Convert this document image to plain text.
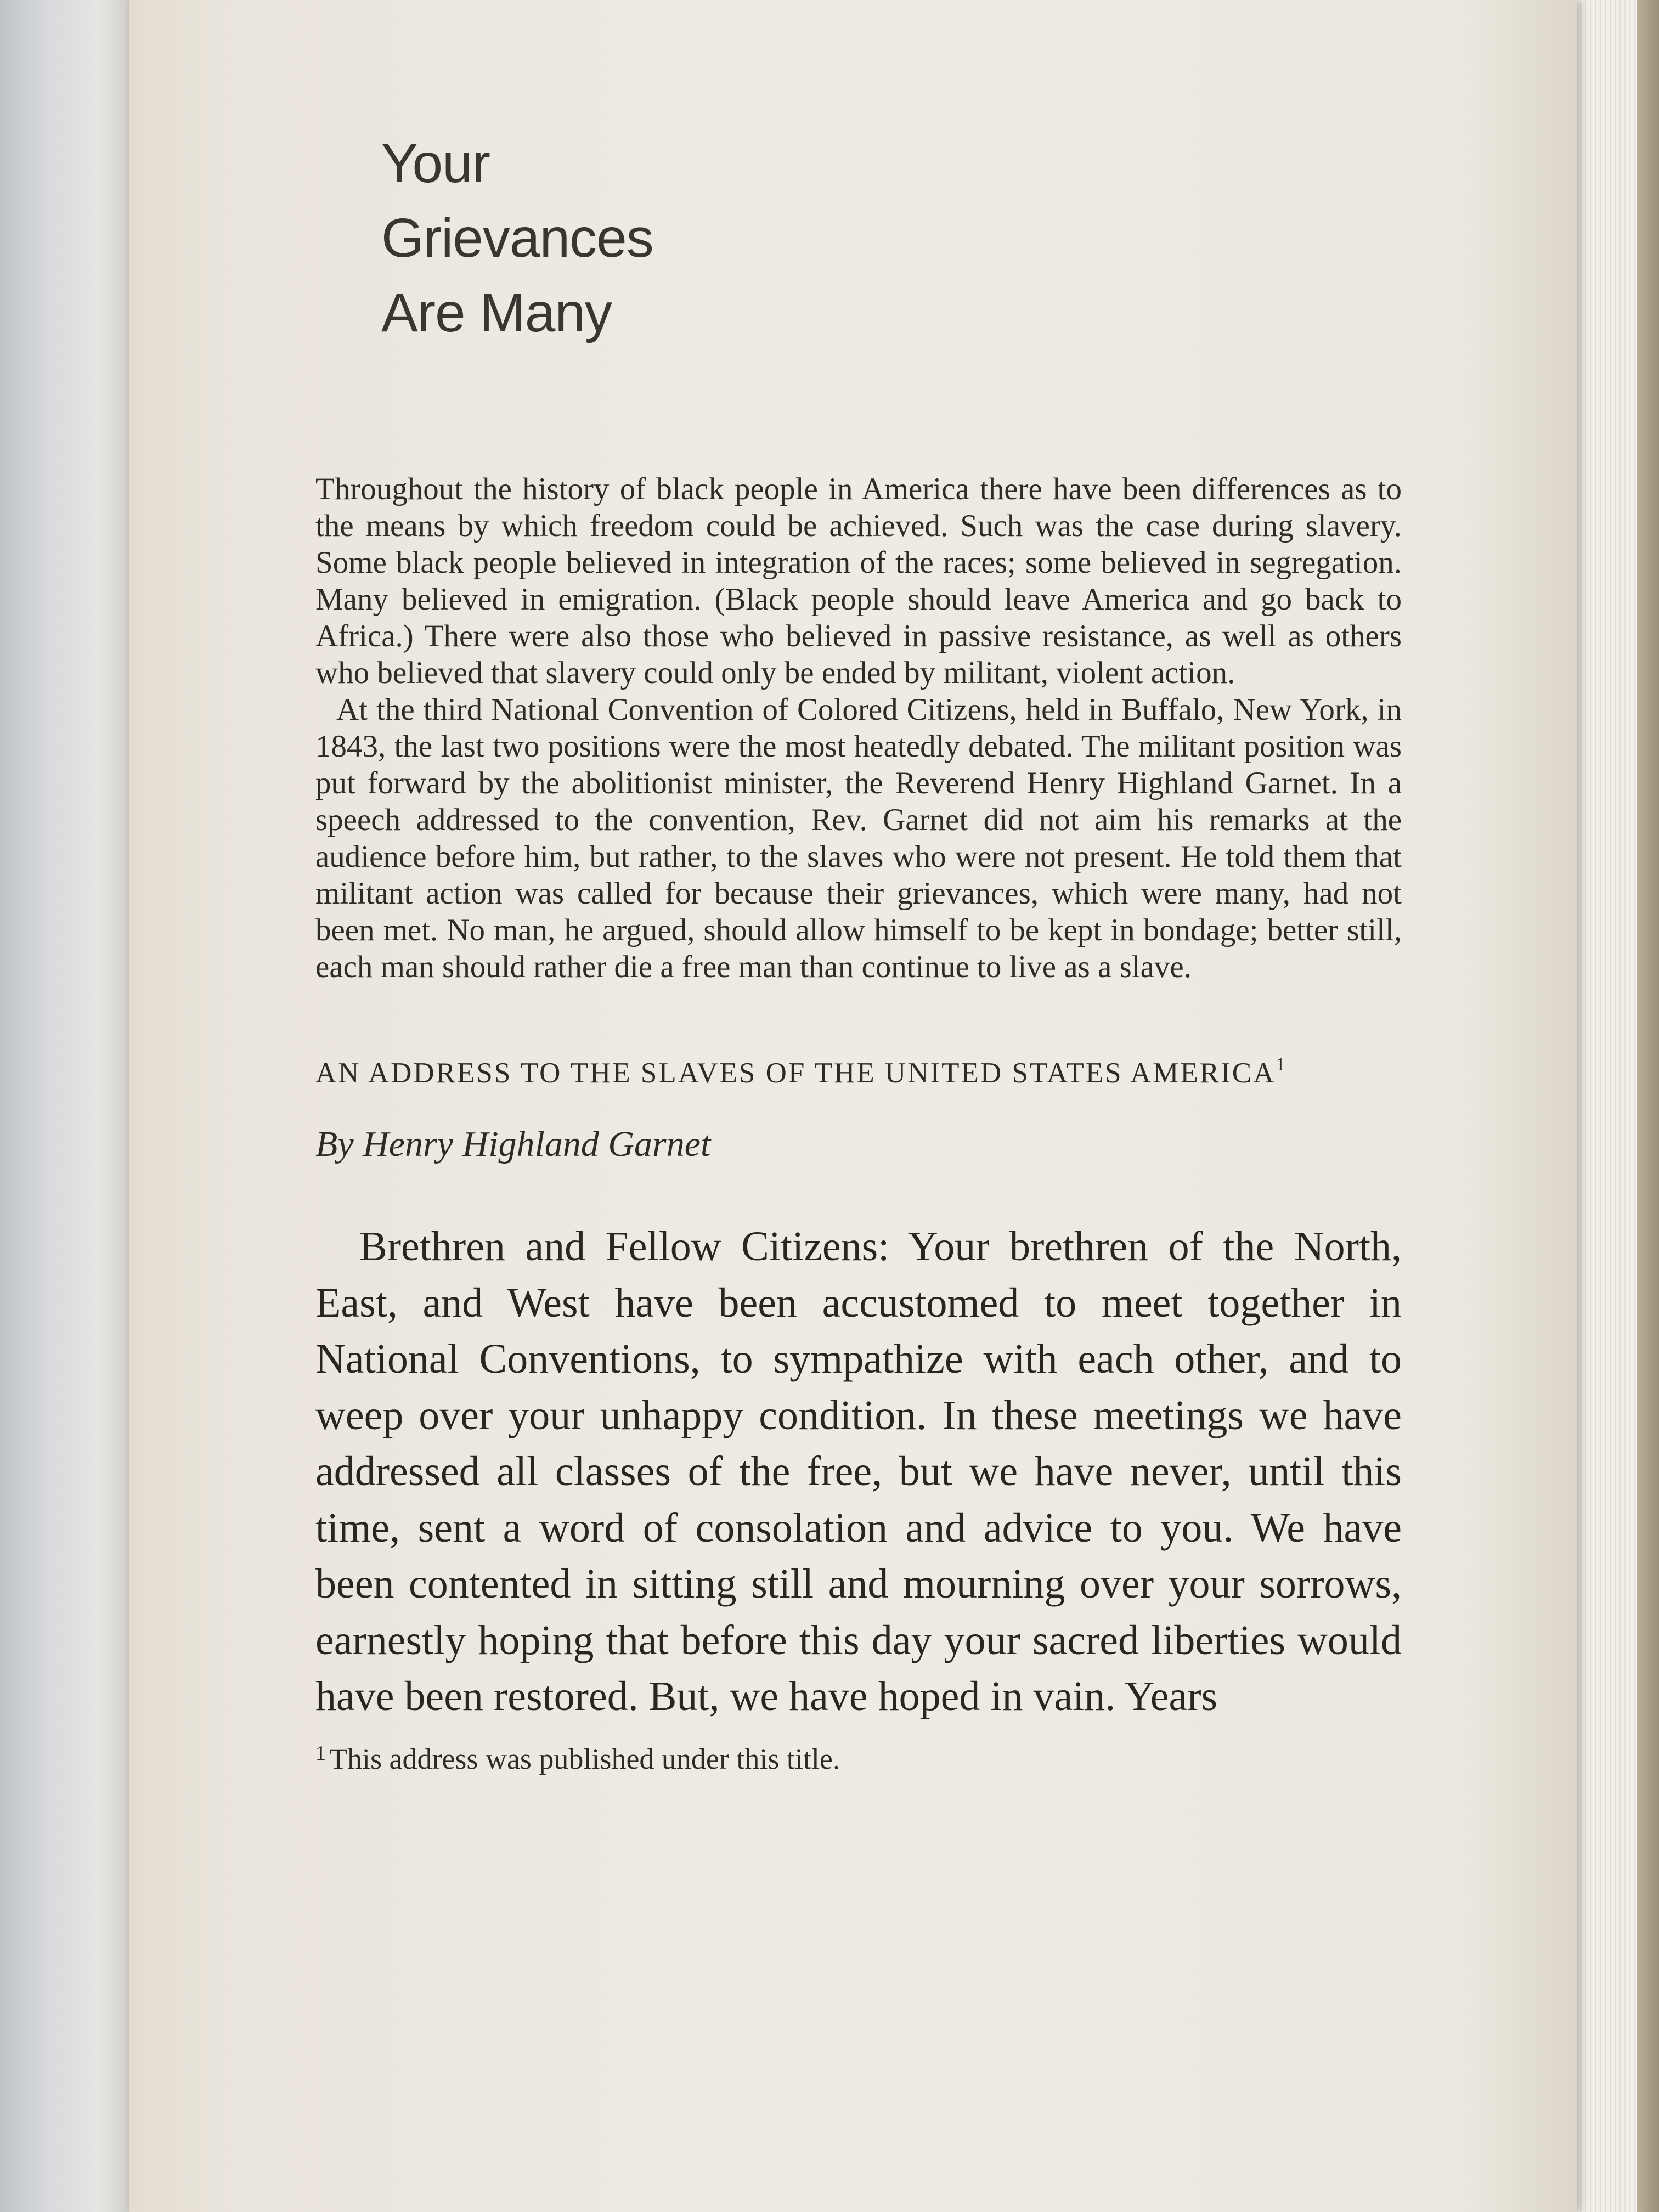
Your
Grievances
Are Many

Throughout the history of black people in America there have been differences as to the means by which freedom could be achieved. Such was the case during slavery. Some black people believed in integration of the races; some believed in segregation. Many believed in emigration. (Black people should leave America and go back to Africa.) There were also those who believed in passive resistance, as well as others who believed that slavery could only be ended by militant, violent action.

At the third National Convention of Colored Citizens, held in Buffalo, New York, in 1843, the last two positions were the most heatedly debated. The militant position was put forward by the abolitionist minister, the Reverend Henry Highland Garnet. In a speech addressed to the convention, Rev. Garnet did not aim his remarks at the audience before him, but rather, to the slaves who were not present. He told them that militant action was called for because their grievances, which were many, had not been met. No man, he argued, should allow himself to be kept in bondage; better still, each man should rather die a free man than continue to live as a slave.

AN ADDRESS TO THE SLAVES OF THE UNITED STATES AMERICA$^1$
By Henry Highland Garnet

Brethren and Fellow Citizens: Your brethren of the North, East, and West have been accustomed to meet together in National Conventions, to sympathize with each other, and to weep over your unhappy condition. In these meetings we have addressed all classes of the free, but we have never, until this time, sent a word of consolation and advice to you. We have been contented in sitting still and mourning over your sorrows, earnestly hoping that before this day your sacred liberties would have been restored. But, we have hoped in vain. Years

$^1$ This address was published under this title.
